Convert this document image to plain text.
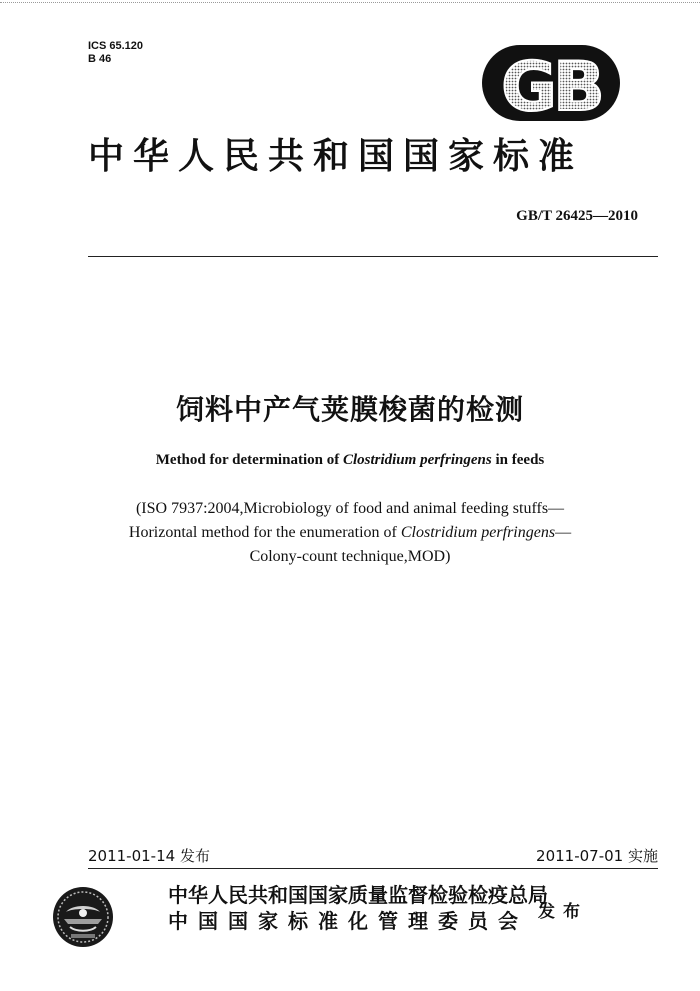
ICS 65.120
B 46	GB
中华人民共和国国家标准
GB/T 26425—2010
饲料中产气荚膜梭菌的检测
Method for determination of Clostridium perfringens in feeds
(ISO 7937:2004,Microbiology of food and animal feeding stuffs—
Horizontal method for the enumeration of Clostridium perfringens—
Colony-count technique,MOD)
2011-01-14 发布	2011-07-01 实施
中华人民共和国国家质量监督检验检疫总局
中国国家标准化管理委员会 发布
